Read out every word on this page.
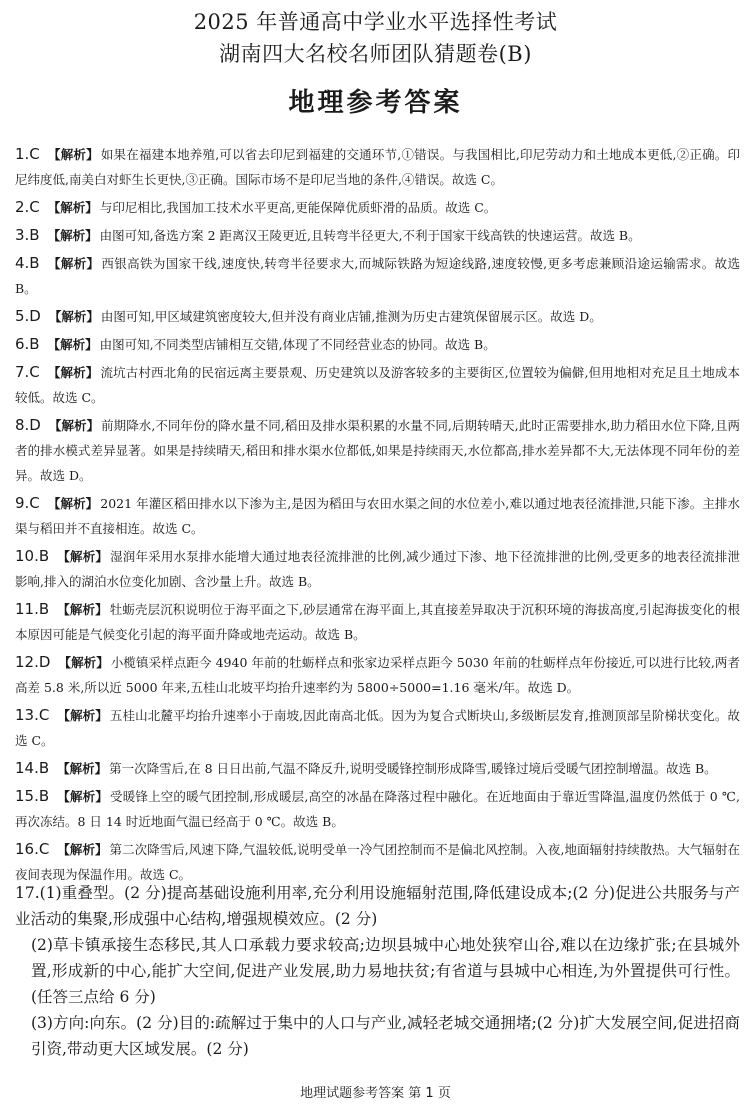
2025 年普通高中学业水平选择性考试
湖南四大名校名师团队猜题卷(B)
地理参考答案

1.C 【解析】 如果在福建本地养殖,可以省去印尼到福建的交通环节,①错误。与我国相比,印尼劳动力和土地成本更低,②正确。印尼纬度低,南美白对虾生长更快,③正确。国际市场不是印尼当地的条件,④错误。故选 C。

2.C 【解析】 与印尼相比,我国加工技术水平更高,更能保障优质虾滑的品质。故选 C。

3.B 【解析】 由图可知,备选方案 2 距离汉王陵更近,且转弯半径更大,不利于国家干线高铁的快速运营。故选 B。

4.B 【解析】 西银高铁为国家干线,速度快,转弯半径要求大,而城际铁路为短途线路,速度较慢,更多考虑兼顾沿途运输需求。故选 B。

5.D 【解析】 由图可知,甲区域建筑密度较大,但并没有商业店铺,推测为历史古建筑保留展示区。故选 D。

6.B 【解析】 由图可知,不同类型店铺相互交错,体现了不同经营业态的协同。故选 B。

7.C 【解析】 流坑古村西北角的民宿远离主要景观、历史建筑以及游客较多的主要街区,位置较为偏僻,但用地相对充足且土地成本较低。故选 C。

8.D 【解析】 前期降水,不同年份的降水量不同,稻田及排水渠积累的水量不同,后期转晴天,此时正需要排水,助力稻田水位下降,且两者的排水模式差异显著。如果是持续晴天,稻田和排水渠水位都低,如果是持续雨天,水位都高,排水差异都不大,无法体现不同年份的差异。故选 D。

9.C 【解析】 2021 年灌区稻田排水以下渗为主,是因为稻田与农田水渠之间的水位差小,难以通过地表径流排泄,只能下渗。主排水渠与稻田并不直接相连。故选 C。

10.B 【解析】 湿润年采用水泵排水能增大通过地表径流排泄的比例,减少通过下渗、地下径流排泄的比例,受更多的地表径流排泄影响,排入的湖泊水位变化加剧、含沙量上升。故选 B。

11.B 【解析】 牡蛎壳层沉积说明位于海平面之下,砂层通常在海平面上,其直接差异取决于沉积环境的海拔高度,引起海拔变化的根本原因可能是气候变化引起的海平面升降或地壳运动。故选 B。

12.D 【解析】 小榄镇采样点距今 4940 年前的牡蛎样点和张家边采样点距今 5030 年前的牡蛎样点年份接近,可以进行比较,两者高差 5.8 米,所以近 5000 年来,五桂山北坡平均抬升速率约为 5800÷5000=1.16 毫米/年。故选 D。

13.C 【解析】 五桂山北麓平均抬升速率小于南坡,因此南高北低。因为为复合式断块山,多级断层发育,推测顶部呈阶梯状变化。故选 C。

14.B 【解析】 第一次降雪后,在 8 日日出前,气温不降反升,说明受暖锋控制形成降雪,暖锋过境后受暖气团控制增温。故选 B。

15.B 【解析】 受暖锋上空的暖气团控制,形成暖层,高空的冰晶在降落过程中融化。在近地面由于靠近雪降温,温度仍然低于 0 ℃,再次冻结。8 日 14 时近地面气温已经高于 0 ℃。故选 B。

16.C 【解析】 第二次降雪后,风速下降,气温较低,说明受单一冷气团控制而不是偏北风控制。入夜,地面辐射持续散热。大气辐射在夜间表现为保温作用。故选 C。

17.(1)重叠型。(2 分)提高基础设施利用率,充分利用设施辐射范围,降低建设成本;(2 分)促进公共服务与产业活动的集聚,形成强中心结构,增强规模效应。(2 分)

(2)草卡镇承接生态移民,其人口承载力要求较高;边坝县城中心地处狭窄山谷,难以在边缘扩张;在县城外置,形成新的中心,能扩大空间,促进产业发展,助力易地扶贫;有省道与县城中心相连,为外置提供可行性。(任答三点给 6 分)

(3)方向:向东。(2 分)目的:疏解过于集中的人口与产业,减轻老城交通拥堵;(2 分)扩大发展空间,促进招商引资,带动更大区域发展。(2 分)

地理试题参考答案 第 1 页
